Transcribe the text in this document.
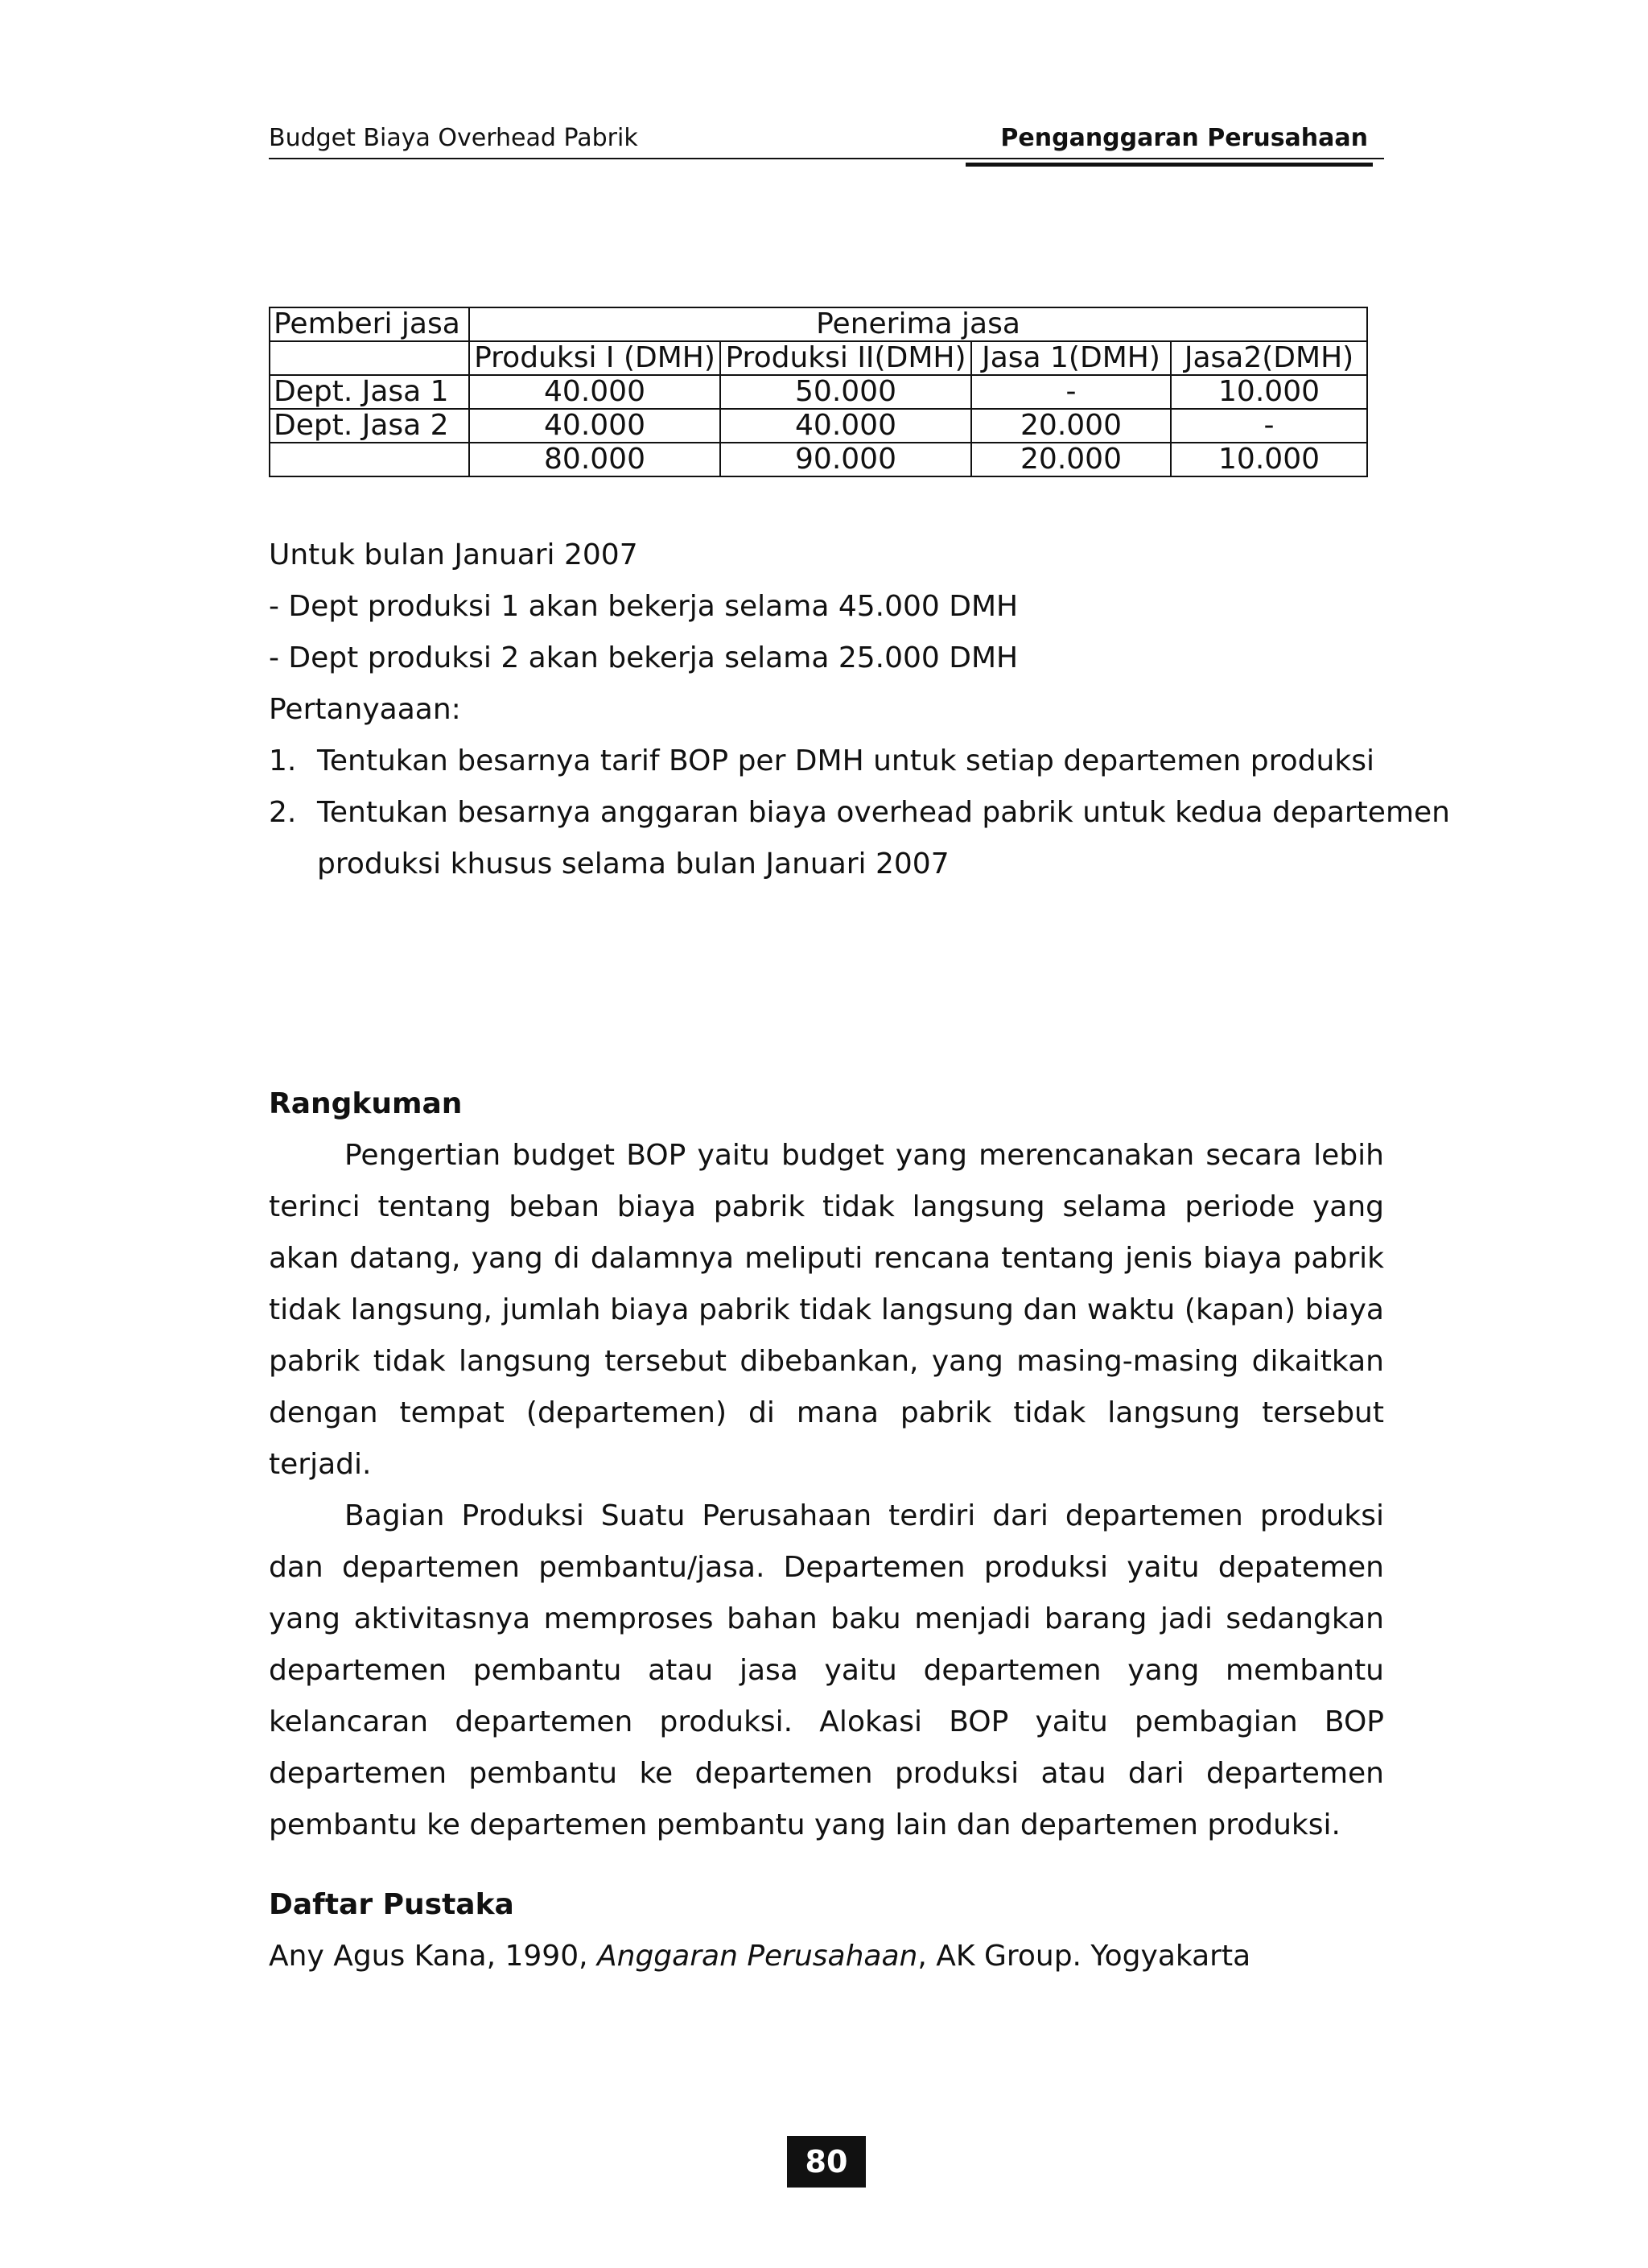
Budget Biaya Overhead Pabrik	Penganggaran Perusahaan
Pemberi jasa	Penerima jasa			
	Produksi I (DMH)	Produksi II(DMH)	Jasa 1(DMH)	Jasa2(DMH)
Dept. Jasa 1	40.000	50.000	-	10.000
Dept. Jasa 2	40.000	40.000	20.000	-
	80.000	90.000	20.000	10.000
Untuk bulan Januari 2007
- Dept produksi 1 akan bekerja selama 45.000 DMH
- Dept produksi 2 akan bekerja selama 25.000 DMH
Pertanyaaan:
1. Tentukan besarnya tarif BOP per DMH untuk setiap departemen produksi
2. Tentukan besarnya anggaran biaya overhead pabrik untuk kedua departemen
produksi khusus selama bulan Januari 2007
Rangkuman
Pengertian budget BOP yaitu budget yang merencanakan secara lebih terinci tentang beban biaya pabrik tidak langsung selama periode yang akan datang, yang di dalamnya meliputi rencana tentang jenis biaya pabrik tidak langsung, jumlah biaya pabrik tidak langsung dan waktu (kapan) biaya pabrik tidak langsung tersebut dibebankan, yang masing-masing dikaitkan dengan tempat (departemen) di mana pabrik tidak langsung tersebut terjadi.
Bagian Produksi Suatu Perusahaan terdiri dari departemen produksi dan departemen pembantu/jasa. Departemen produksi yaitu depatemen yang aktivitasnya memproses bahan baku menjadi barang jadi sedangkan departemen pembantu atau jasa yaitu departemen yang membantu kelancaran departemen produksi. Alokasi BOP yaitu pembagian BOP departemen pembantu ke departemen produksi atau dari departemen pembantu ke departemen pembantu yang lain dan departemen produksi.
Daftar Pustaka
Any Agus Kana, 1990, Anggaran Perusahaan, AK Group. Yogyakarta
80
